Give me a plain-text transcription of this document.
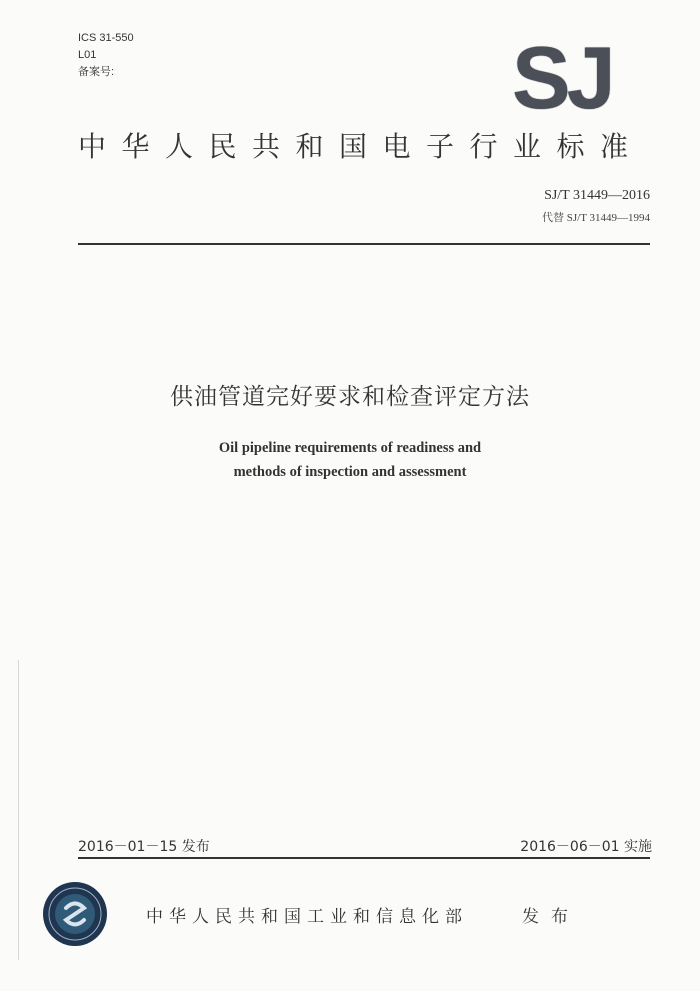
ICS 31-550
L01
备案号:	SJ
中华人民共和国电子行业标准
SJ/T 31449—2016
代替 SJ/T 31449—1994
供油管道完好要求和检查评定方法
Oil pipeline requirements of readiness and
methods of inspection and assessment
2016－01－15 发布	2016－06－01 实施
中华人民共和国工业和信息化部	发布
